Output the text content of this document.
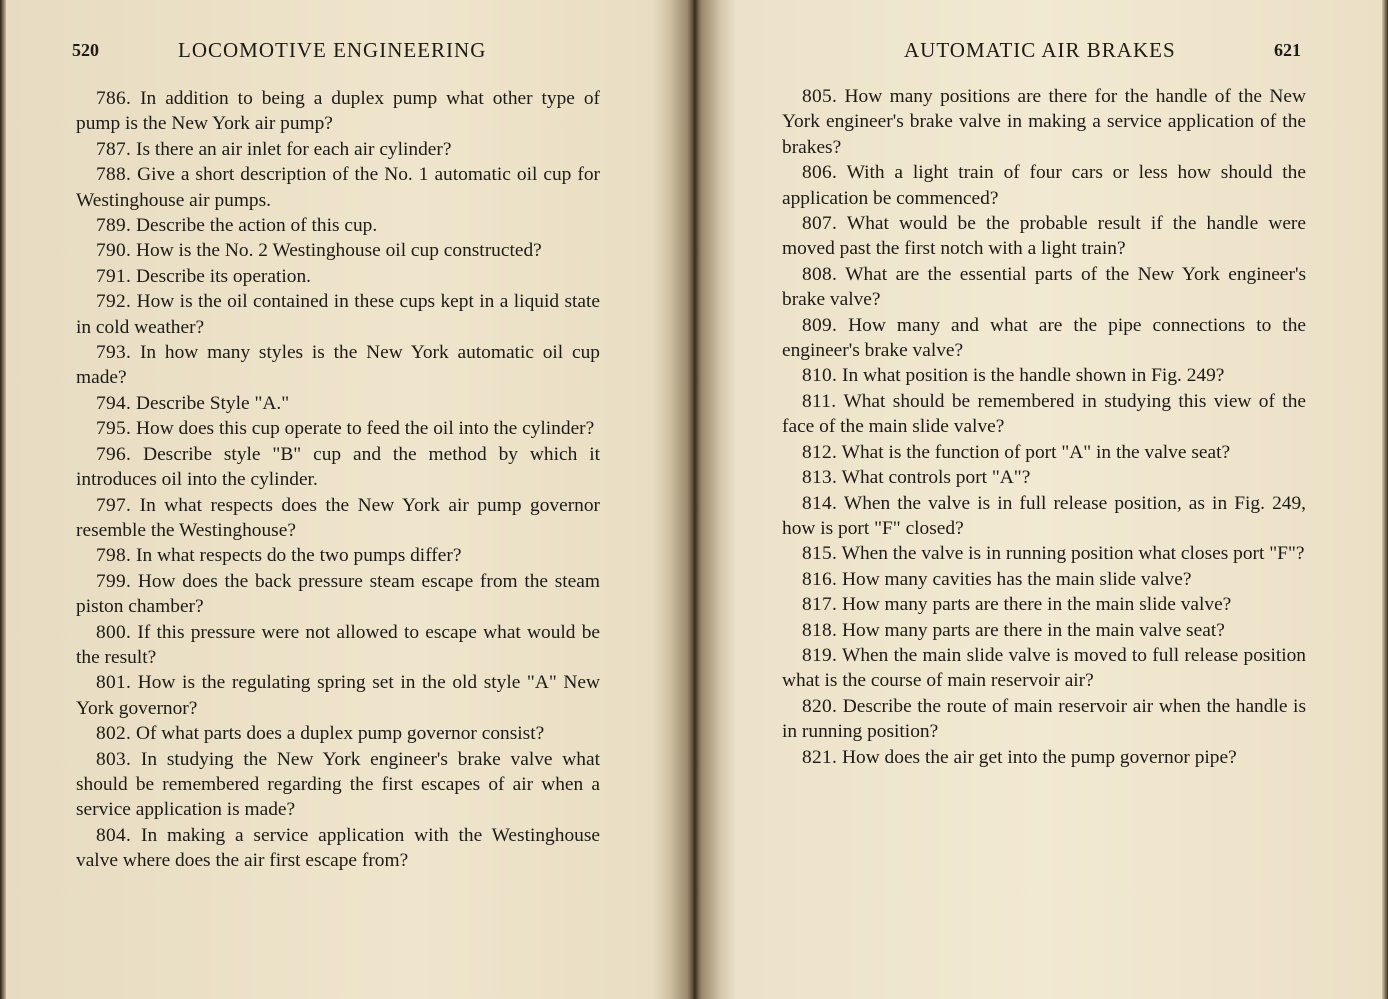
520	LOCOMOTIVE ENGINEERING

786. In addition to being a duplex pump what other type of pump is the New York air pump?

787. Is there an air inlet for each air cylinder?

788. Give a short description of the No. 1 automatic oil cup for Westinghouse air pumps.

789. Describe the action of this cup.

790. How is the No. 2 Westinghouse oil cup constructed?

791. Describe its operation.

792. How is the oil contained in these cups kept in a liquid state in cold weather?

793. In how many styles is the New York automatic oil cup made?

794. Describe Style "A."

795. How does this cup operate to feed the oil into the cylinder?

796. Describe style "B" cup and the method by which it introduces oil into the cylinder.

797. In what respects does the New York air pump governor resemble the Westinghouse?

798. In what respects do the two pumps differ?

799. How does the back pressure steam escape from the steam piston chamber?

800. If this pressure were not allowed to escape what would be the result?

801. How is the regulating spring set in the old style "A" New York governor?

802. Of what parts does a duplex pump governor consist?

803. In studying the New York engineer's brake valve what should be remembered regarding the first escapes of air when a service application is made?

804. In making a service application with the Westinghouse valve where does the air first escape from?

AUTOMATIC AIR BRAKES	621

805. How many positions are there for the handle of the New York engineer's brake valve in making a service application of the brakes?

806. With a light train of four cars or less how should the application be commenced?

807. What would be the probable result if the handle were moved past the first notch with a light train?

808. What are the essential parts of the New York engineer's brake valve?

809. How many and what are the pipe connections to the engineer's brake valve?

810. In what position is the handle shown in Fig. 249?

811. What should be remembered in studying this view of the face of the main slide valve?

812. What is the function of port "A" in the valve seat?

813. What controls port "A"?

814. When the valve is in full release position, as in Fig. 249, how is port "F" closed?

815. When the valve is in running position what closes port "F"?

816. How many cavities has the main slide valve?

817. How many parts are there in the main slide valve?

818. How many parts are there in the main valve seat?

819. When the main slide valve is moved to full release position what is the course of main reservoir air?

820. Describe the route of main reservoir air when the handle is in running position?

821. How does the air get into the pump governor pipe?
